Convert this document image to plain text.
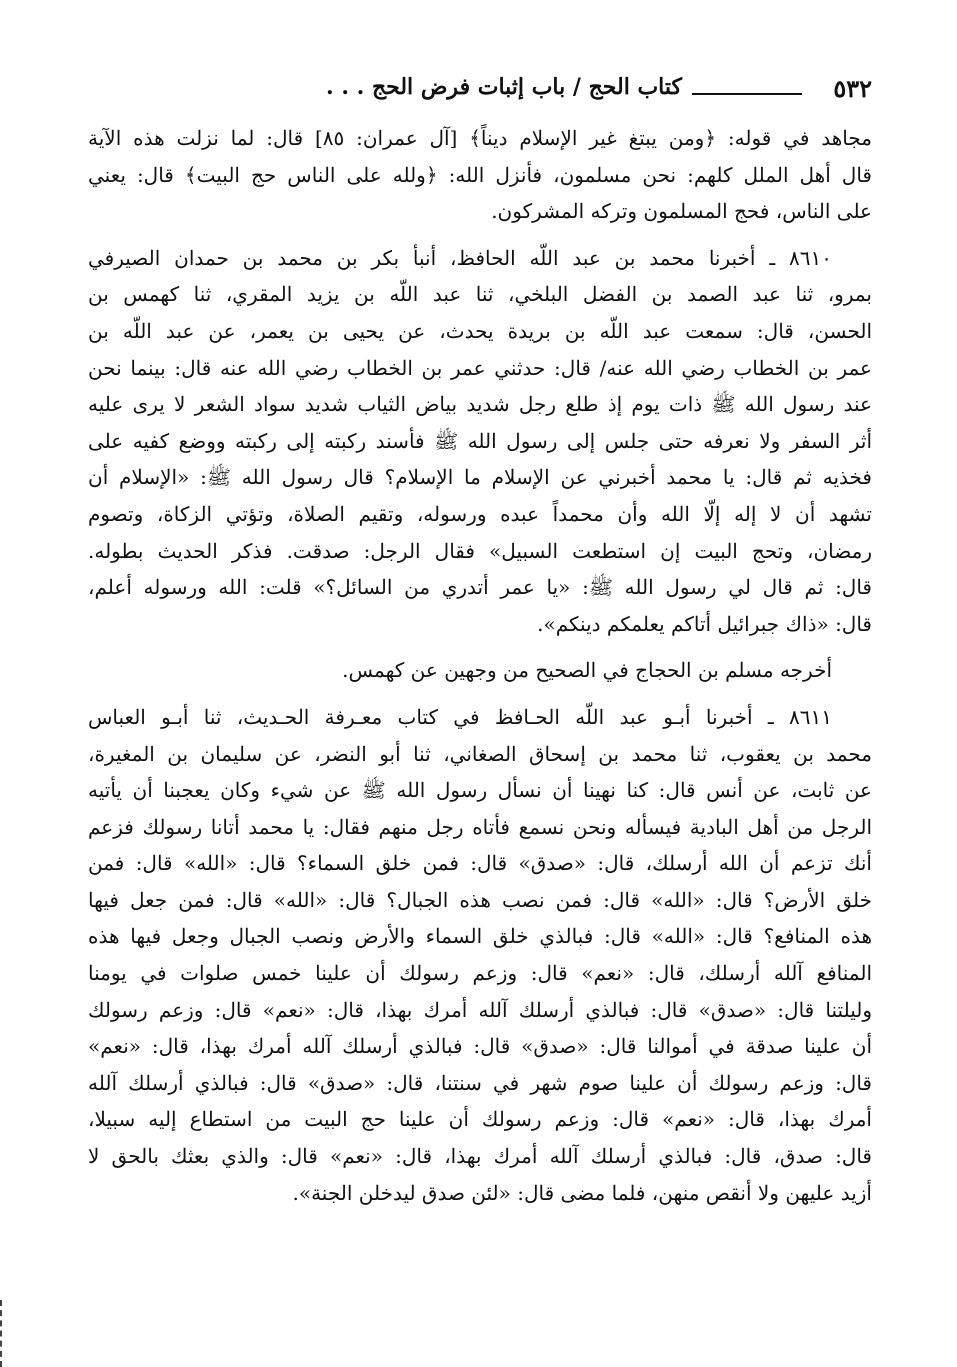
٥٣٢
كتاب الحج / باب إثبات فرض الحج . . .
مجاهد في قوله: ﴿ومن يبتغ غير الإسلام ديناً﴾ [آل عمران: ٨٥] قال: لما نزلت هذه الآية
قال أهل الملل كلهم: نحن مسلمون، فأنزل الله: ﴿ولله على الناس حج البيت﴾ قال: يعني
على الناس، فحج المسلمون وتركه المشركون.
٨٦١٠ ـ أخبرنا محمد بن عبد اللّه الحافظ، أنبأ بكر بن محمد بن حمدان الصيرفي
بمرو، ثنا عبد الصمد بن الفضل البلخي، ثنا عبد اللّه بن يزيد المقري، ثنا كهمس بن
الحسن، قال: سمعت عبد اللّه بن بريدة يحدث، عن يحيى بن يعمر، عن عبد اللّه بن
عمر بن الخطاب رضي الله عنه/ قال: حدثني عمر بن الخطاب رضي الله عنه قال: بينما نحن
عند رسول الله ﷺ ذات يوم إذ طلع رجل شديد بياض الثياب شديد سواد الشعر لا يرى عليه
أثر السفر ولا نعرفه حتى جلس إلى رسول الله ﷺ فأسند ركبته إلى ركبته ووضع كفيه على
فخذيه ثم قال: يا محمد أخبرني عن الإسلام ما الإسلام؟ قال رسول الله ﷺ: «الإسلام أن
تشهد أن لا إله إلّا الله وأن محمداً عبده ورسوله، وتقيم الصلاة، وتؤتي الزكاة، وتصوم
رمضان، وتحج البيت إن استطعت السبيل» فقال الرجل: صدقت. فذكر الحديث بطوله.
قال: ثم قال لي رسول الله ﷺ: «يا عمر أتدري من السائل؟» قلت: الله ورسوله أعلم،
قال: «ذاك جبرائيل أتاكم يعلمكم دينكم».
أخرجه مسلم بن الحجاج في الصحيح من وجهين عن كهمس.
٨٦١١ ـ أخبرنا أبـو عبد اللّه الحـافظ في كتاب معـرفة الحـديث، ثنا أبـو العباس
محمد بن يعقوب، ثنا محمد بن إسحاق الصغاني، ثنا أبو النضر، عن سليمان بن المغيرة،
عن ثابت، عن أنس قال: كنا نهينا أن نسأل رسول الله ﷺ عن شيء وكان يعجبنا أن يأتيه
الرجل من أهل البادية فيسأله ونحن نسمع فأتاه رجل منهم فقال: يا محمد أتانا رسولك فزعم
أنك تزعم أن الله أرسلك، قال: «صدق» قال: فمن خلق السماء؟ قال: «الله» قال: فمن
خلق الأرض؟ قال: «الله» قال: فمن نصب هذه الجبال؟ قال: «الله» قال: فمن جعل فيها
هذه المنافع؟ قال: «الله» قال: فبالذي خلق السماء والأرض ونصب الجبال وجعل فيها هذه
المنافع آلله أرسلك، قال: «نعم» قال: وزعم رسولك أن علينا خمس صلوات في يومنا
وليلتنا قال: «صدق» قال: فبالذي أرسلك آلله أمرك بهذا، قال: «نعم» قال: وزعم رسولك
أن علينا صدقة في أموالنا قال: «صدق» قال: فبالذي أرسلك آلله أمرك بهذا، قال: «نعم»
قال: وزعم رسولك أن علينا صوم شهر في سنتنا، قال: «صدق» قال: فبالذي أرسلك آلله
أمرك بهذا، قال: «نعم» قال: وزعم رسولك أن علينا حج البيت من استطاع إليه سبيلا،
قال: صدق، قال: فبالذي أرسلك آلله أمرك بهذا، قال: «نعم» قال: والذي بعثك بالحق لا
أزيد عليهن ولا أنقص منهن، فلما مضى قال: «لئن صدق ليدخلن الجنة».
